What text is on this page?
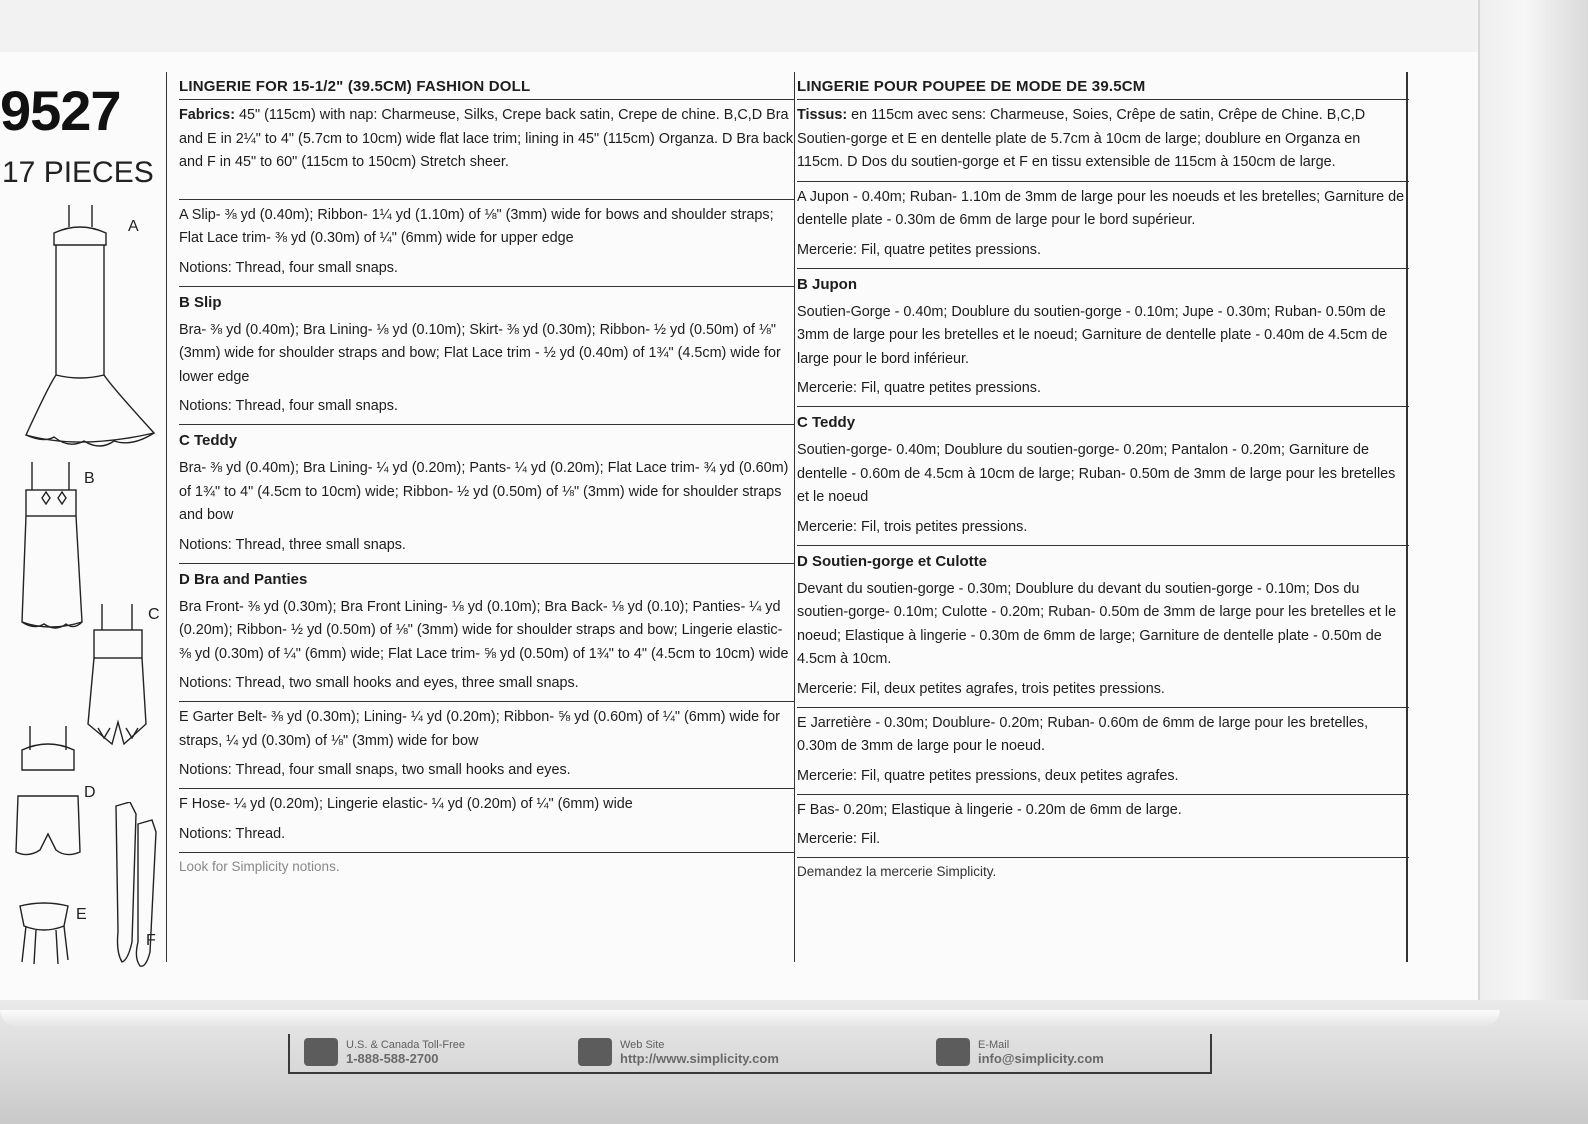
9527
17 PIECES
A
B
C
D
E
F
LINGERIE FOR 15-1/2" (39.5CM) FASHION DOLL

Fabrics: 45" (115cm) with nap: Charmeuse, Silks, Crepe back satin, Crepe de chine. B,C,D Bra and E in 2¼" to 4" (5.7cm to 10cm) wide flat lace trim; lining in 45" (115cm) Organza. D Bra back and F in 45" to 60" (115cm to 150cm) Stretch sheer.

A Slip- ⅜ yd (0.40m); Ribbon- 1¼ yd (1.10m) of ⅛" (3mm) wide for bows and shoulder straps; Flat Lace trim- ⅜ yd (0.30m) of ¼" (6mm) wide for upper edge

Notions: Thread, four small snaps.
B Slip

Bra- ⅜ yd (0.40m); Bra Lining- ⅛ yd (0.10m); Skirt- ⅜ yd (0.30m); Ribbon- ½ yd (0.50m) of ⅛" (3mm) wide for shoulder straps and bow; Flat Lace trim - ½ yd (0.40m) of 1¾" (4.5cm) wide for lower edge

Notions: Thread, four small snaps.
C Teddy

Bra- ⅜ yd (0.40m); Bra Lining- ¼ yd (0.20m); Pants- ¼ yd (0.20m); Flat Lace trim- ¾ yd (0.60m) of 1¾" to 4" (4.5cm to 10cm) wide; Ribbon- ½ yd (0.50m) of ⅛" (3mm) wide for shoulder straps and bow

Notions: Thread, three small snaps.
D Bra and Panties

Bra Front- ⅜ yd (0.30m); Bra Front Lining- ⅛ yd (0.10m); Bra Back- ⅛ yd (0.10); Panties- ¼ yd (0.20m); Ribbon- ½ yd (0.50m) of ⅛" (3mm) wide for shoulder straps and bow; Lingerie elastic- ⅜ yd (0.30m) of ¼" (6mm) wide; Flat Lace trim- ⅝ yd (0.50m) of 1¾" to 4" (4.5cm to 10cm) wide

Notions: Thread, two small hooks and eyes, three small snaps.

E Garter Belt- ⅜ yd (0.30m); Lining- ¼ yd (0.20m); Ribbon- ⅝ yd (0.60m) of ¼" (6mm) wide for straps, ¼ yd (0.30m) of ⅛" (3mm) wide for bow

Notions: Thread, four small snaps, two small hooks and eyes.

F Hose- ¼ yd (0.20m); Lingerie elastic- ¼ yd (0.20m) of ¼" (6mm) wide

Notions: Thread.
Look for Simplicity notions.
LINGERIE POUR POUPEE DE MODE DE 39.5CM

Tissus: en 115cm avec sens: Charmeuse, Soies, Crêpe de satin, Crêpe de Chine. B,C,D Soutien-gorge et E en dentelle plate de 5.7cm à 10cm de large; doublure en Organza en 115cm. D Dos du soutien-gorge et F en tissu extensible de 115cm à 150cm de large.

A Jupon - 0.40m; Ruban- 1.10m de 3mm de large pour les noeuds et les bretelles; Garniture de dentelle plate - 0.30m de 6mm de large pour le bord supérieur.

Mercerie: Fil, quatre petites pressions.
B Jupon

Soutien-Gorge - 0.40m; Doublure du soutien-gorge - 0.10m; Jupe - 0.30m; Ruban- 0.50m de 3mm de large pour les bretelles et le noeud; Garniture de dentelle plate - 0.40m de 4.5cm de large pour le bord inférieur.

Mercerie: Fil, quatre petites pressions.
C Teddy

Soutien-gorge- 0.40m; Doublure du soutien-gorge- 0.20m; Pantalon - 0.20m; Garniture de dentelle - 0.60m de 4.5cm à 10cm de large; Ruban- 0.50m de 3mm de large pour les bretelles et le noeud

Mercerie: Fil, trois petites pressions.
D Soutien-gorge et Culotte

Devant du soutien-gorge - 0.30m; Doublure du devant du soutien-gorge - 0.10m; Dos du soutien-gorge- 0.10m; Culotte - 0.20m; Ruban- 0.50m de 3mm de large pour les bretelles et le noeud; Elastique à lingerie - 0.30m de 6mm de large; Garniture de dentelle plate - 0.50m de 4.5cm à 10cm.

Mercerie: Fil, deux petites agrafes, trois petites pressions.

E Jarretière - 0.30m; Doublure- 0.20m; Ruban- 0.60m de 6mm de large pour les bretelles, 0.30m de 3mm de large pour le noeud.

Mercerie: Fil, quatre petites pressions, deux petites agrafes.

F Bas- 0.20m; Elastique à lingerie - 0.20m de 6mm de large.

Mercerie: Fil.
Demandez la mercerie Simplicity.
U.S. & Canada Toll-Free
1-888-588-2700
Web Site
http://www.simplicity.com
E-Mail
info@simplicity.com
